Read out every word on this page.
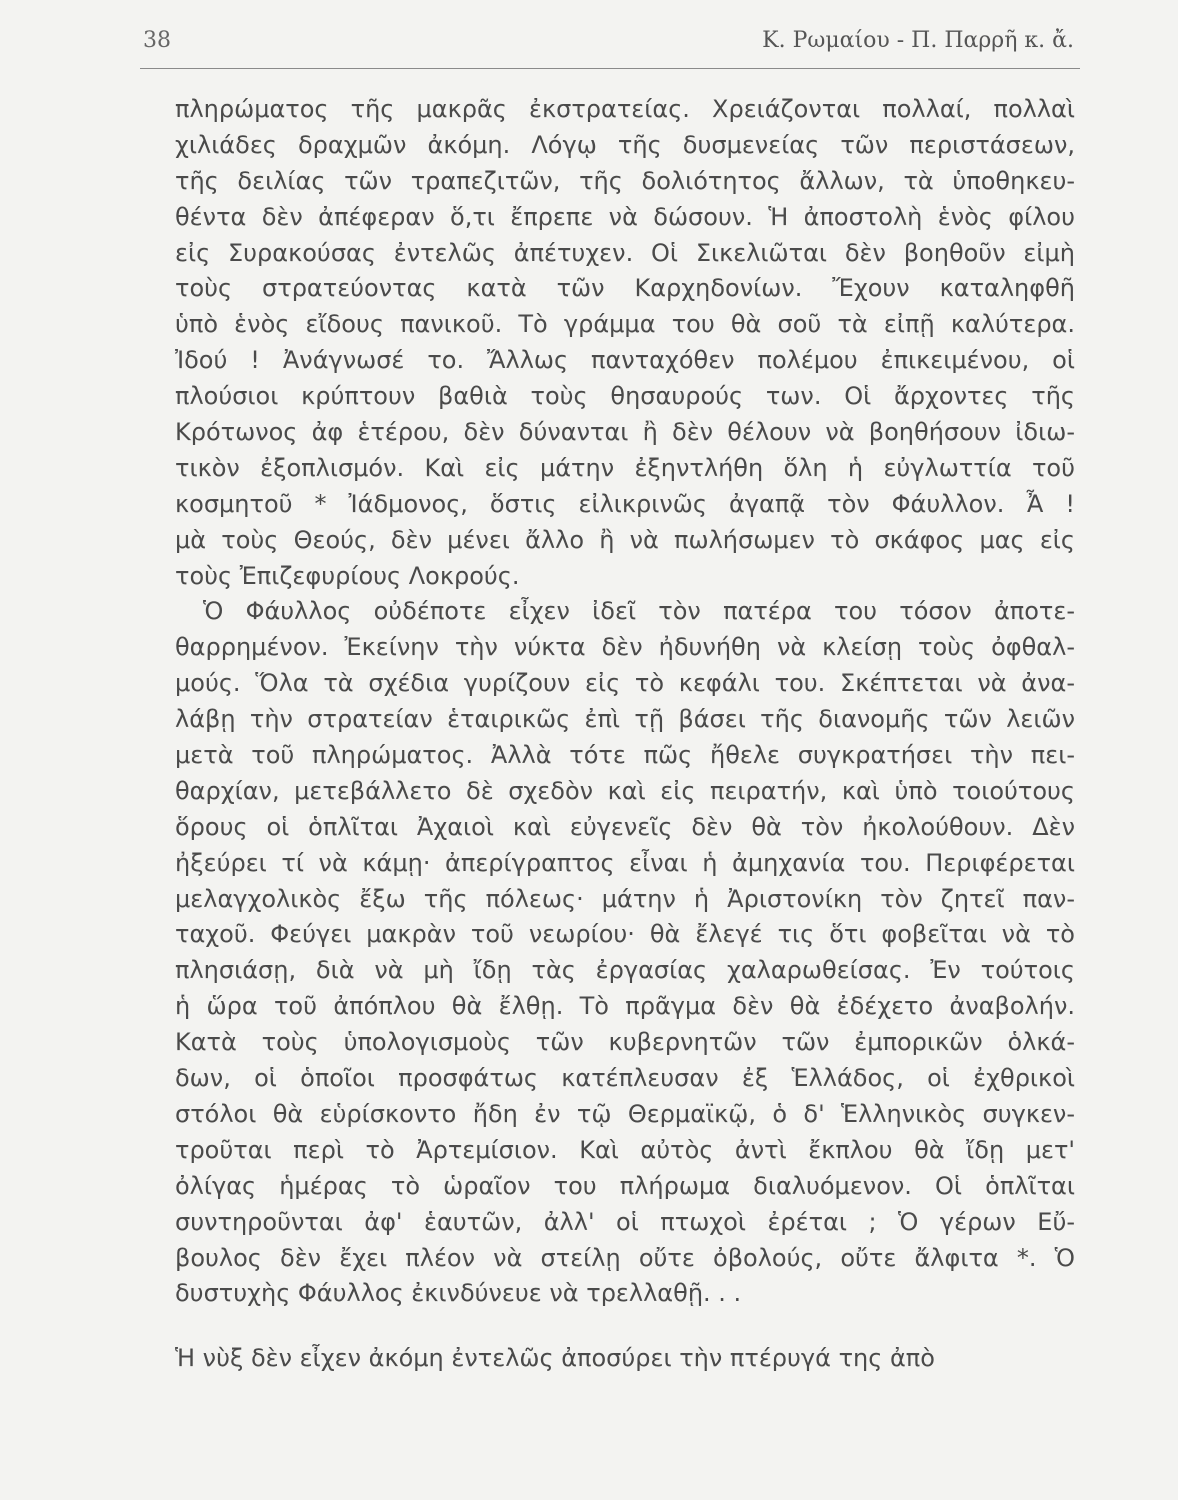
38	Κ. Ρωμαίου - Π. Παρρῆ κ. ἄ.
πληρώματος τῆς μακρᾶς ἐκστρατείας. Χρειάζονται πολλαί, πολλαὶ
χιλιάδες δραχμῶν ἀκόμη. Λόγῳ τῆς δυσμενείας τῶν περιστάσεων,
τῆς δειλίας τῶν τραπεζιτῶν, τῆς δολιότητος ἄλλων, τὰ ὑποθηκευ-
θέντα δὲν ἀπέφεραν ὅ,τι ἔπρεπε νὰ δώσουν. Ἡ ἀποστολὴ ἑνὸς φίλου
εἰς Συρακούσας ἐντελῶς ἀπέτυχεν. Οἱ Σικελιῶται δὲν βοηθοῦν εἰμὴ
τοὺς στρατεύοντας κατὰ τῶν Καρχηδονίων. Ἔχουν καταληφθῆ
ὑπὸ ἑνὸς εἴδους πανικοῦ. Τὸ γράμμα του θὰ σοῦ τὰ εἰπῇ καλύτερα.
Ἰδού ! Ἀνάγνωσέ το. Ἄλλως πανταχόθεν πολέμου ἐπικειμένου, οἱ
πλούσιοι κρύπτουν βαθιὰ τοὺς θησαυρούς των. Οἱ ἄρχοντες τῆς
Κρότωνος ἀφ ἑτέρου, δὲν δύνανται ἢ δὲν θέλουν νὰ βοηθήσουν ἰδιω-
τικὸν ἐξοπλισμόν. Καὶ εἰς μάτην ἐξηντλήθη ὅλη ἡ εὐγλωττία τοῦ
κοσμητοῦ * Ἰάδμονος, ὅστις εἰλικρινῶς ἀγαπᾷ τὸν Φάυλλον. Ἆ !
μὰ τοὺς Θεούς, δὲν μένει ἄλλο ἢ νὰ πωλήσωμεν τὸ σκάφος μας εἰς
τοὺς Ἐπιζεφυρίους Λοκρούς.
Ὁ Φάυλλος οὐδέποτε εἶχεν ἰδεῖ τὸν πατέρα του τόσον ἀποτε-
θαρρημένον. Ἐκείνην τὴν νύκτα δὲν ἠδυνήθη νὰ κλείσῃ τοὺς ὀφθαλ-
μούς. Ὅλα τὰ σχέδια γυρίζουν εἰς τὸ κεφάλι του. Σκέπτεται νὰ ἀνα-
λάβῃ τὴν στρατείαν ἑταιρικῶς ἐπὶ τῇ βάσει τῆς διανομῆς τῶν λειῶν
μετὰ τοῦ πληρώματος. Ἀλλὰ τότε πῶς ἤθελε συγκρατήσει τὴν πει-
θαρχίαν, μετεβάλλετο δὲ σχεδὸν καὶ εἰς πειρατήν, καὶ ὑπὸ τοιούτους
ὅρους οἱ ὁπλῖται Ἀχαιοὶ καὶ εὐγενεῖς δὲν θὰ τὸν ἠκολούθουν. Δὲν
ἠξεύρει τί νὰ κάμῃ· ἀπερίγραπτος εἶναι ἡ ἀμηχανία του. Περιφέρεται
μελαγχολικὸς ἔξω τῆς πόλεως· μάτην ἡ Ἀριστονίκη τὸν ζητεῖ παν-
ταχοῦ. Φεύγει μακρὰν τοῦ νεωρίου· θὰ ἔλεγέ τις ὅτι φοβεῖται νὰ τὸ
πλησιάσῃ, διὰ νὰ μὴ ἴδῃ τὰς ἐργασίας χαλαρωθείσας. Ἐν τούτοις
ἡ ὥρα τοῦ ἀπόπλου θὰ ἔλθῃ. Τὸ πρᾶγμα δὲν θὰ ἐδέχετο ἀναβολήν.
Κατὰ τοὺς ὑπολογισμοὺς τῶν κυβερνητῶν τῶν ἐμπορικῶν ὁλκά-
δων, οἱ ὁποῖοι προσφάτως κατέπλευσαν ἐξ Ἑλλάδος, οἱ ἐχθρικοὶ
στόλοι θὰ εὑρίσκοντο ἤδη ἐν τῷ Θερμαϊκῷ, ὁ δ' Ἑλληνικὸς συγκεν-
τροῦται περὶ τὸ Ἀρτεμίσιον. Καὶ αὐτὸς ἀντὶ ἔκπλου θὰ ἴδῃ μετ'
ὀλίγας ἡμέρας τὸ ὡραῖον του πλήρωμα διαλυόμενον. Οἱ ὁπλῖται
συντηροῦνται ἀφ' ἑαυτῶν, ἀλλ' οἱ πτωχοὶ ἐρέται ; Ὁ γέρων Εὔ-
βουλος δὲν ἔχει πλέον νὰ στείλῃ οὔτε ὀβολούς, οὔτε ἄλφιτα *. Ὁ
δυστυχὴς Φάυλλος ἐκινδύνευε νὰ τρελλαθῇ. . .
Ἡ νὺξ δὲν εἶχεν ἀκόμη ἐντελῶς ἀποσύρει τὴν πτέρυγά της ἀπὸ
